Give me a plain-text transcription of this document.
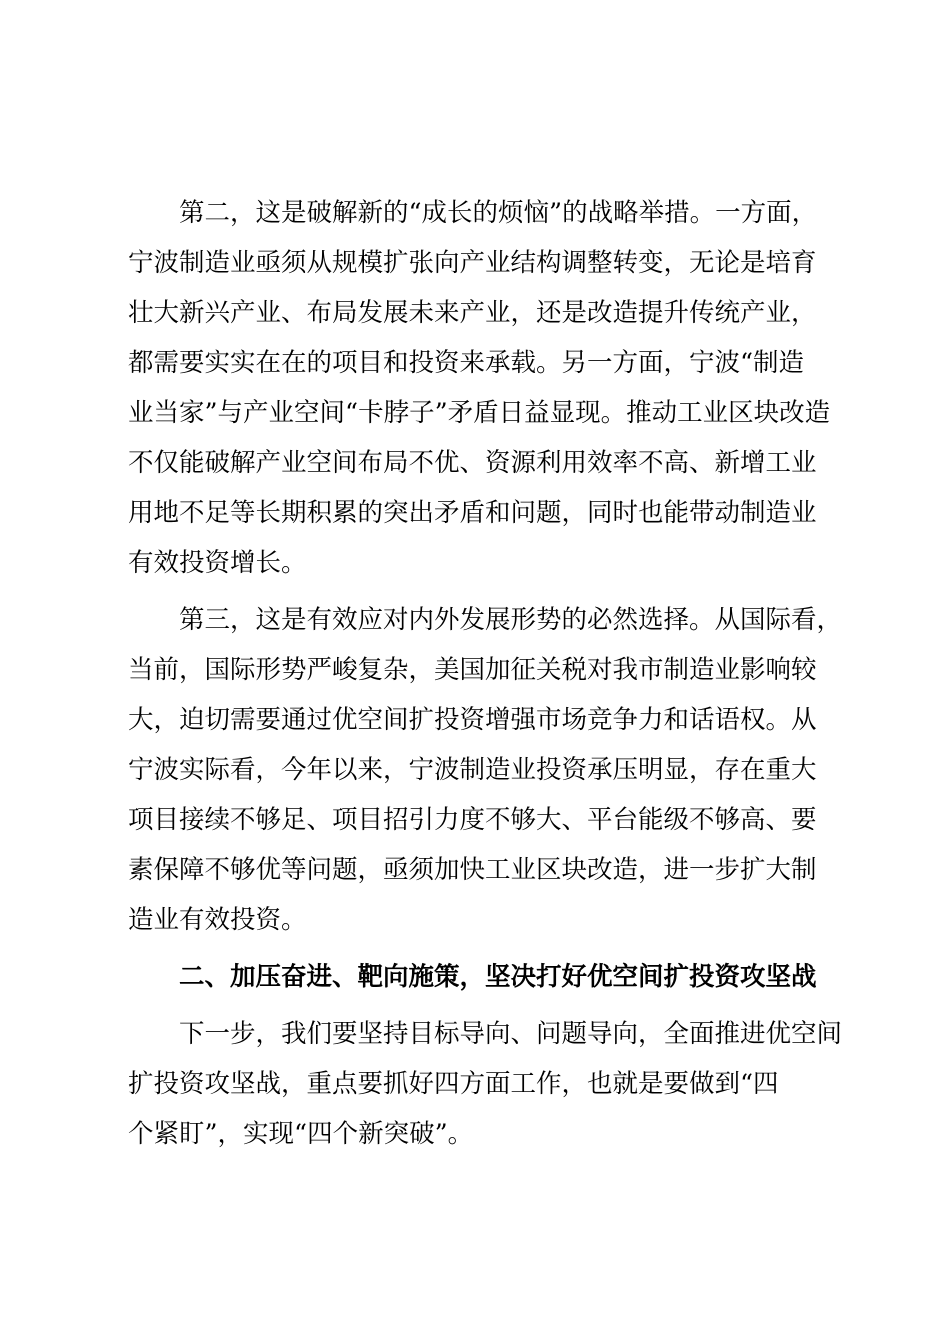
第二，这是破解新的“成长的烦恼”的战略举措。一方面，
宁波制造业亟须从规模扩张向产业结构调整转变，无论是培育
壮大新兴产业、布局发展未来产业，还是改造提升传统产业，
都需要实实在在的项目和投资来承载。另一方面，宁波“制造
业当家”与产业空间“卡脖子”矛盾日益显现。推动工业区块改造
不仅能破解产业空间布局不优、资源利用效率不高、新增工业
用地不足等长期积累的突出矛盾和问题，同时也能带动制造业
有效投资增长。
第三，这是有效应对内外发展形势的必然选择。从国际看，
当前，国际形势严峻复杂，美国加征关税对我市制造业影响较
大，迫切需要通过优空间扩投资增强市场竞争力和话语权。从
宁波实际看，今年以来，宁波制造业投资承压明显，存在重大
项目接续不够足、项目招引力度不够大、平台能级不够高、要
素保障不够优等问题，亟须加快工业区块改造，进一步扩大制
造业有效投资。
二、加压奋进、靶向施策，坚决打好优空间扩投资攻坚战
下一步，我们要坚持目标导向、问题导向，全面推进优空间
扩投资攻坚战，重点要抓好四方面工作，也就是要做到“四
个紧盯”，实现“四个新突破”。
